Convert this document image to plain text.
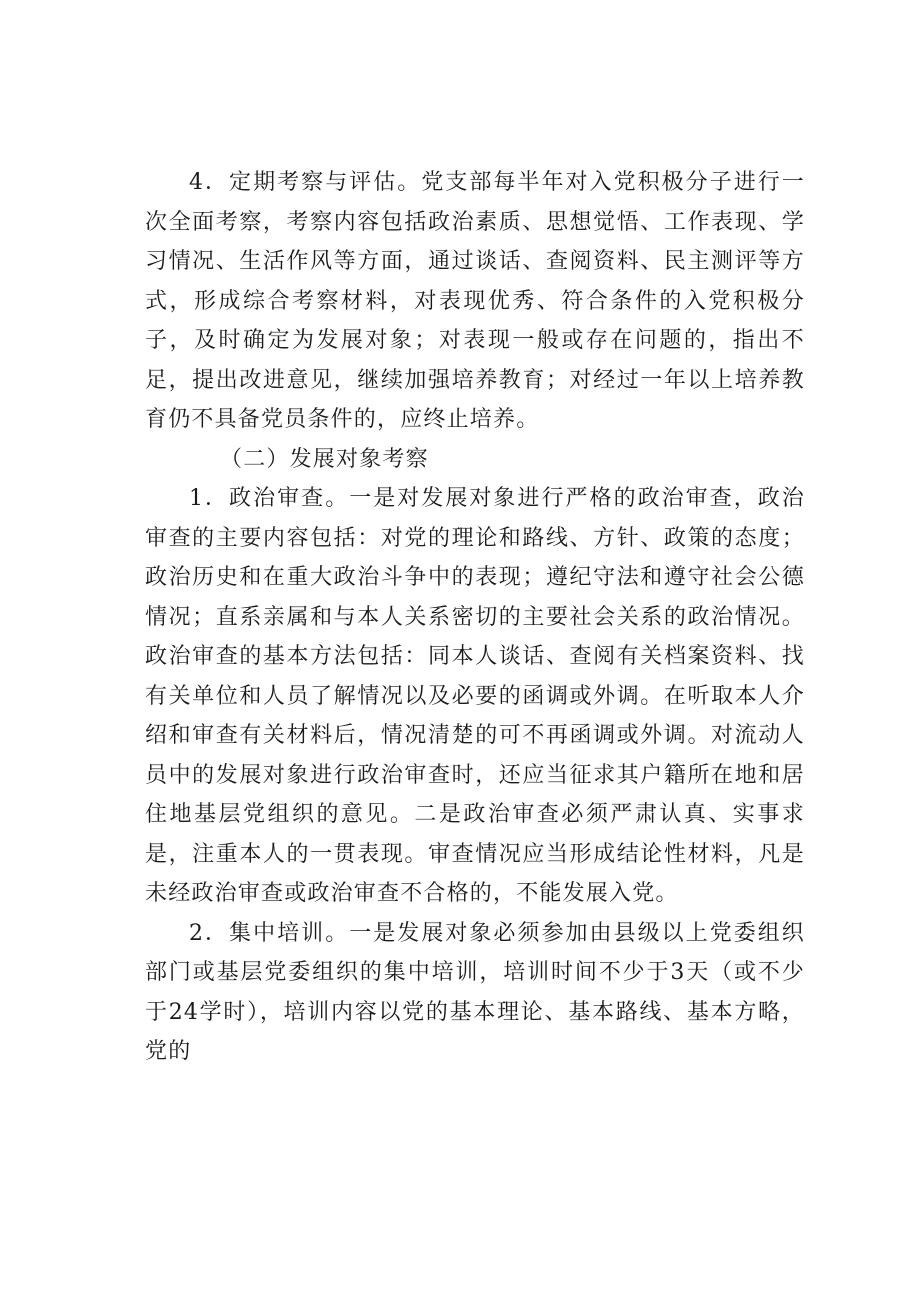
4．定期考察与评估。党支部每半年对入党积极分子进行一次全面考察，考察内容包括政治素质、思想觉悟、工作表现、学习情况、生活作风等方面，通过谈话、查阅资料、民主测评等方式，形成综合考察材料，对表现优秀、符合条件的入党积极分子，及时确定为发展对象；对表现一般或存在问题的，指出不足，提出改进意见，继续加强培养教育；对经过一年以上培养教育仍不具备党员条件的，应终止培养。

（二）发展对象考察

1．政治审查。一是对发展对象进行严格的政治审查，政治审查的主要内容包括：对党的理论和路线、方针、政策的态度；政治历史和在重大政治斗争中的表现；遵纪守法和遵守社会公德情况；直系亲属和与本人关系密切的主要社会关系的政治情况。政治审查的基本方法包括：同本人谈话、查阅有关档案资料、找有关单位和人员了解情况以及必要的函调或外调。在听取本人介绍和审查有关材料后，情况清楚的可不再函调或外调。对流动人员中的发展对象进行政治审查时，还应当征求其户籍所在地和居住地基层党组织的意见。二是政治审查必须严肃认真、实事求是，注重本人的一贯表现。审查情况应当形成结论性材料，凡是未经政治审查或政治审查不合格的，不能发展入党。

2．集中培训。一是发展对象必须参加由县级以上党委组织部门或基层党委组织的集中培训，培训时间不少于3天（或不少于24学时），培训内容以党的基本理论、基本路线、基本方略，党的
